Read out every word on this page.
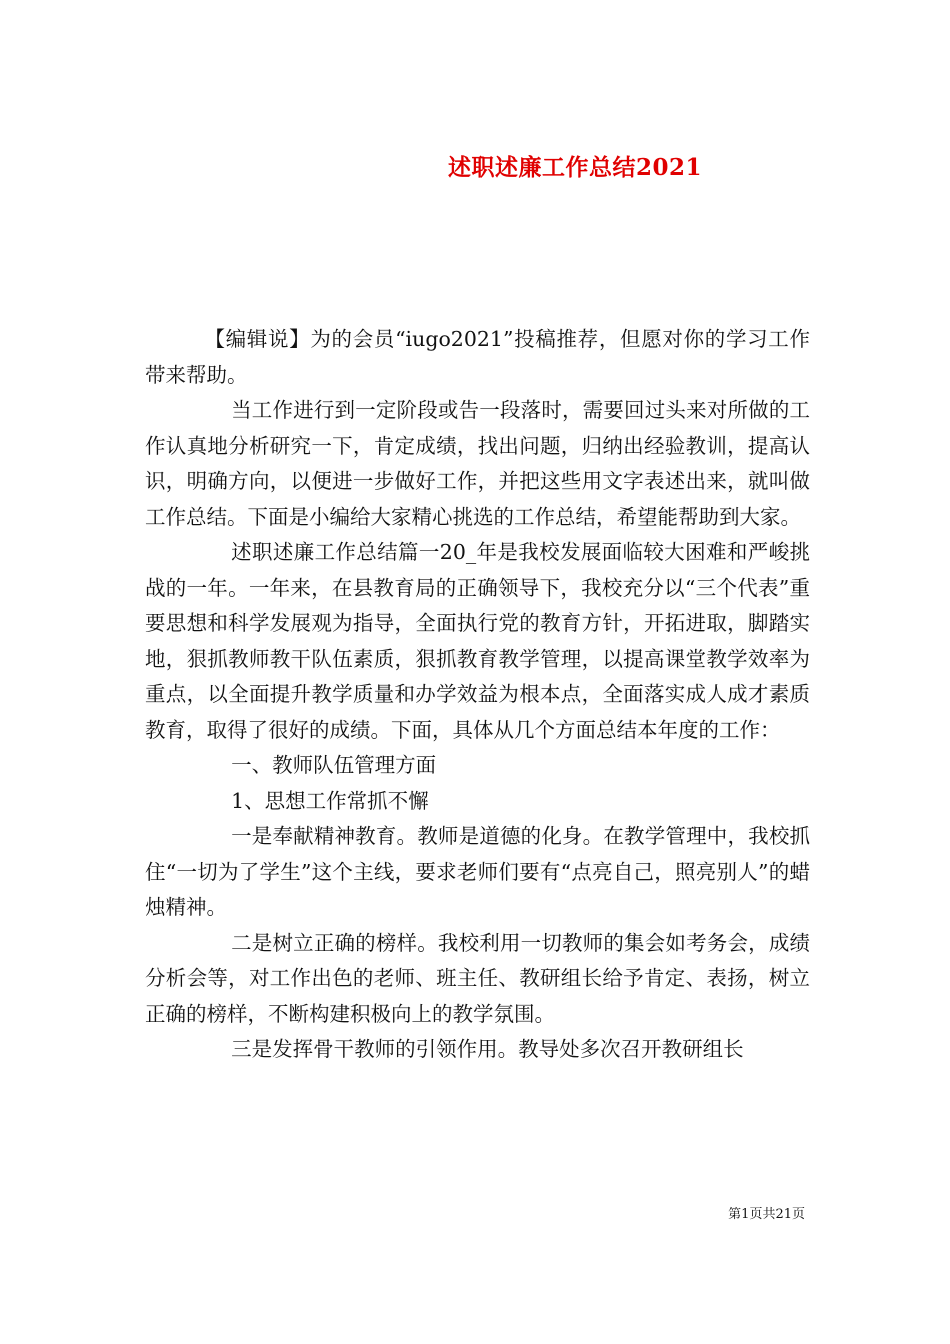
述职述廉工作总结2021

【编辑说】为的会员“iugo2021”投稿推荐，但愿对你的学习工作带来帮助。

当工作进行到一定阶段或告一段落时，需要回过头来对所做的工作认真地分析研究一下，肯定成绩，找出问题，归纳出经验教训，提高认识，明确方向，以便进一步做好工作，并把这些用文字表述出来，就叫做工作总结。下面是小编给大家精心挑选的工作总结，希望能帮助到大家。

述职述廉工作总结篇一20_年是我校发展面临较大困难和严峻挑战的一年。一年来，在县教育局的正确领导下，我校充分以“三个代表”重要思想和科学发展观为指导，全面执行党的教育方针，开拓进取，脚踏实地，狠抓教师教干队伍素质，狠抓教育教学管理，以提高课堂教学效率为重点，以全面提升教学质量和办学效益为根本点，全面落实成人成才素质教育，取得了很好的成绩。下面，具体从几个方面总结本年度的工作：

一、教师队伍管理方面

1、思想工作常抓不懈

一是奉献精神教育。教师是道德的化身。在教学管理中，我校抓住“一切为了学生”这个主线，要求老师们要有“点亮自己，照亮别人”的蜡烛精神。

二是树立正确的榜样。我校利用一切教师的集会如考务会，成绩分析会等，对工作出色的老师、班主任、教研组长给予肯定、表扬，树立正确的榜样，不断构建积极向上的教学氛围。

三是发挥骨干教师的引领作用。教导处多次召开教研组长

第1页共21页
